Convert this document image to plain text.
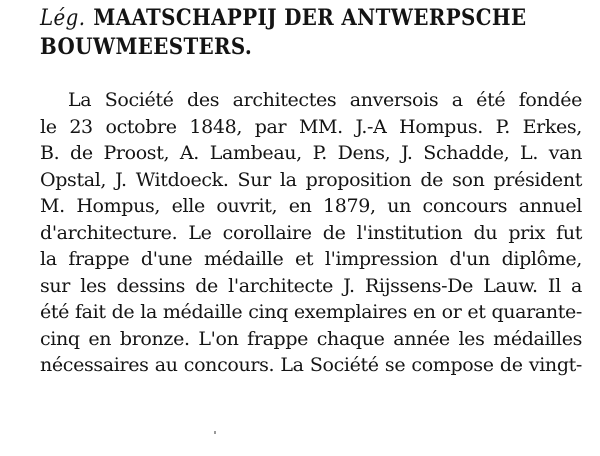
Lég. MAATSCHAPPIJ DER ANTWERPSCHE
BOUWMEESTERS.
La Société des architectes anversois a été fondée
le 23 octobre 1848, par MM. J.-A Hompus. P. Erkes,
B. de Proost, A. Lambeau, P. Dens, J. Schadde, L. van
Opstal, J. Witdoeck. Sur la proposition de son président
M. Hompus, elle ouvrit, en 1879, un concours annuel
d'architecture. Le corollaire de l'institution du prix fut
la frappe d'une médaille et l'impression d'un diplôme,
sur les dessins de l'architecte J. Rijssens-De Lauw. Il a
été fait de la médaille cinq exemplaires en or et quarante-
cinq en bronze. L'on frappe chaque année les médailles
nécessaires au concours. La Société se compose de vingt-
